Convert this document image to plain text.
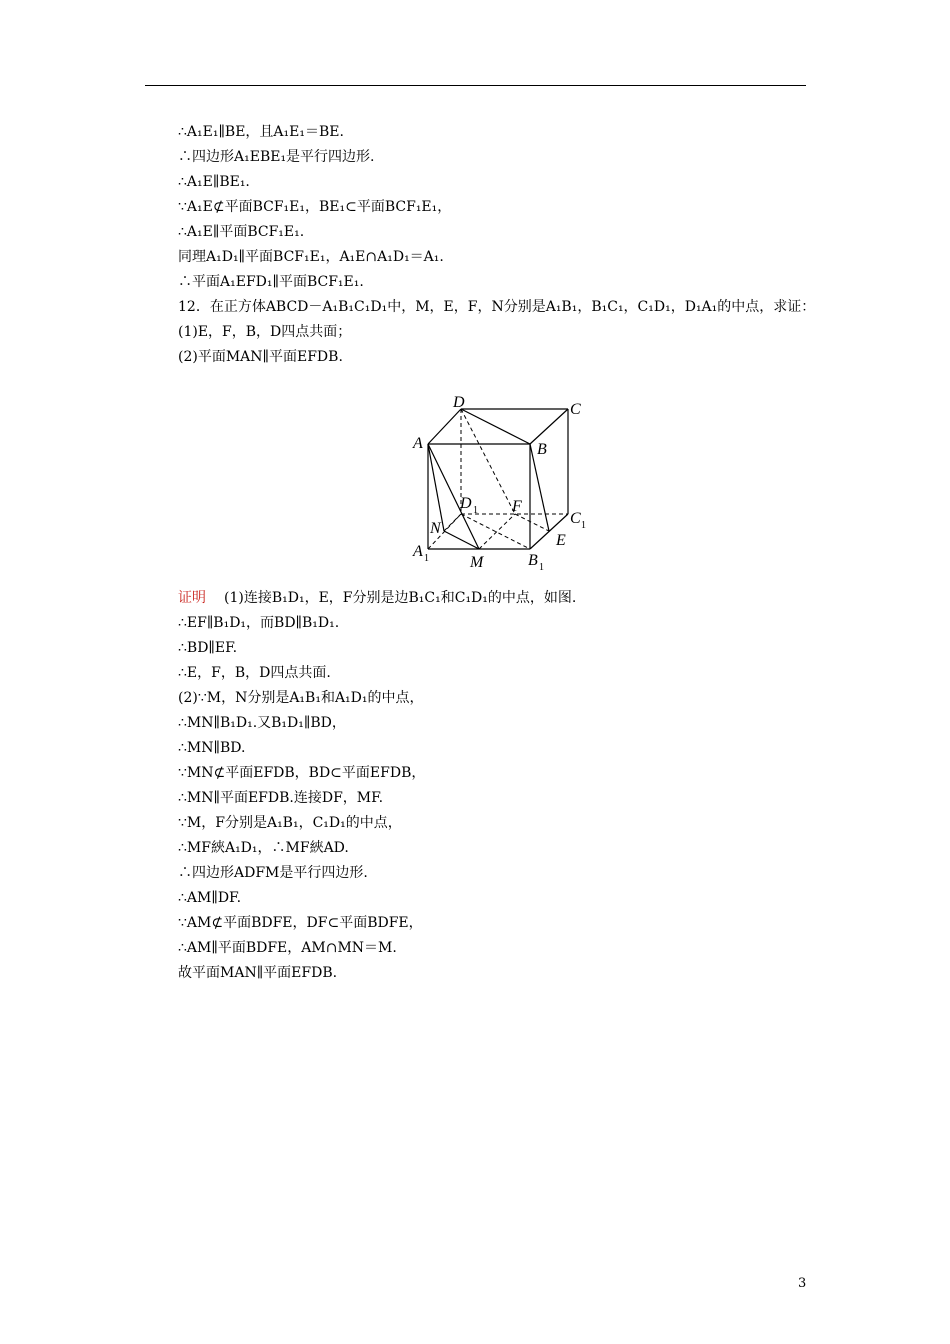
∴A₁E₁∥BE，且A₁E₁＝BE.
∴四边形A₁EBE₁是平行四边形.
∴A₁E∥BE₁.
∵A₁E⊄平面BCF₁E₁，BE₁⊂平面BCF₁E₁，
∴A₁E∥平面BCF₁E₁.
同理A₁D₁∥平面BCF₁E₁，A₁E∩A₁D₁＝A₁.
∴平面A₁EFD₁∥平面BCF₁E₁.
12．在正方体ABCD－A₁B₁C₁D₁中，M，E，F，N分别是A₁B₁，B₁C₁，C₁D₁，D₁A₁的中点，求证：
(1)E，F，B，D四点共面；
(2)平面MAN∥平面EFDB.
D	C
A	B
D 1 F
C 1
N
E
A 1	M	B 1
证明 (1)连接B₁D₁，E，F分别是边B₁C₁和C₁D₁的中点，如图.
∴EF∥B₁D₁，而BD∥B₁D₁.
∴BD∥EF.
∴E，F，B，D四点共面.
(2)∵M，N分别是A₁B₁和A₁D₁的中点，
∴MN∥B₁D₁.又B₁D₁∥BD，
∴MN∥BD.
∵MN⊄平面EFDB，BD⊂平面EFDB，
∴MN∥平面EFDB.连接DF，MF.
∵M，F分别是A₁B₁，C₁D₁的中点，
∴MF綊A₁D₁，∴MF綊AD.
∴四边形ADFM是平行四边形.
∴AM∥DF.
∵AM⊄平面BDFE，DF⊂平面BDFE，
∴AM∥平面BDFE，AM∩MN＝M.
故平面MAN∥平面EFDB.
3
